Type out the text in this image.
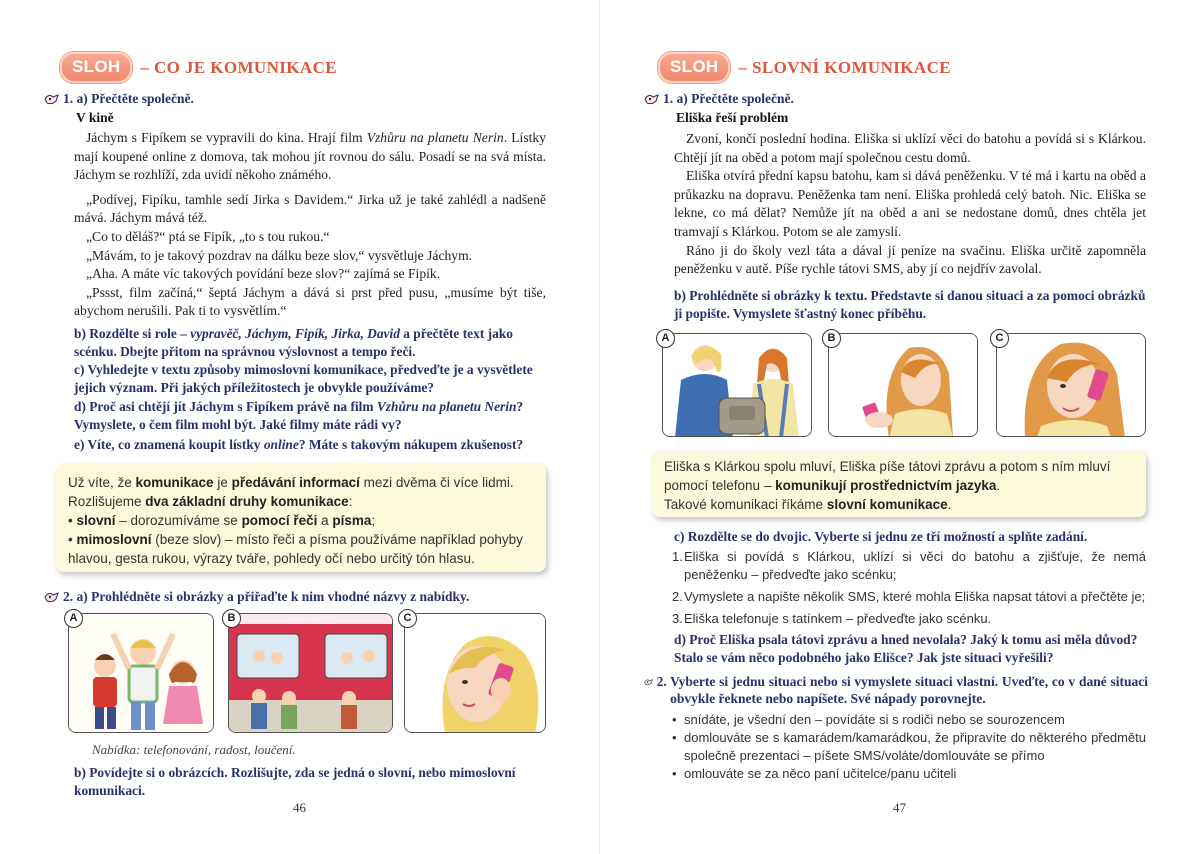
SLOH	– CO JE KOMUNIKACE
1.
a) Přečtěte společně.
V kině

Jáchym s Fipíkem se vypravili do kina. Hrají film Vzhůru na planetu Nerin. Lístky mají koupené online z domova, tak mohou jít rovnou do sálu. Posadí se na svá místa. Jáchym se rozhlíží, zda uvidí někoho známého.

„Podívej, Fipíku, tamhle sedí Jirka s Davidem.“ Jirka už je také zahlédl a nadšeně mává. Jáchym mává též.

„Co to děláš?“ ptá se Fipík, „to s tou rukou.“

„Mávám, to je takový pozdrav na dálku beze slov,“ vysvětluje Jáchym.

„Aha. A máte víc takových povídání beze slov?“ zajímá se Fipík.

„Pssst, film začíná,“ šeptá Jáchym a dává si prst před pusu, „musíme být tiše, abychom nerušili. Pak ti to vysvětlím.“

b) Rozdělte si role – vypravěč, Jáchym, Fipík, Jirka, David a přečtěte text jako scénku. Dbejte přitom na správnou výslovnost a tempo řeči.
c) Vyhledejte v textu způsoby mimoslovní komunikace, předveďte je a vysvětlete jejich význam. Při jakých příležitostech je obvykle používáme?
d) Proč asi chtějí jít Jáchym s Fipíkem právě na film Vzhůru na planetu Nerin? Vymyslete, o čem film mohl být. Jaké filmy máte rádi vy?
e) Víte, co znamená koupit lístky online? Máte s takovým nákupem zkušenost?
Už víte, že komunikace je předávání informací mezi dvěma či více lidmi.
Rozlišujeme dva základní druhy komunikace:
• slovní – dorozumíváme se pomocí řeči a písma;
• mimoslovní (beze slov) – místo řeči a písma používáme například pohyby hlavou, gesta rukou, výrazy tváře, pohledy očí nebo určitý tón hlasu.
2.
a) Prohlédněte si obrázky a přiřaďte k nim vhodné názvy z nabídky.
A	B	C
Nabídka: telefonování, radost, loučení.
b) Povídejte si o obrázcích. Rozlišujte, zda se jedná o slovní, nebo mimoslovní komunikaci.
46
SLOH	– SLOVNÍ KOMUNIKACE
1.
a) Přečtěte společně.
Eliška řeší problém

Zvoní, končí poslední hodina. Eliška si uklízí věci do batohu a povídá si s Klárkou. Chtějí jít na oběd a potom mají společnou cestu domů.

Eliška otvírá přední kapsu batohu, kam si dává peněženku. V té má i kartu na oběd a průkazku na dopravu. Peněženka tam není. Eliška prohledá celý batoh. Nic. Eliška se lekne, co má dělat? Nemůže jít na oběd a ani se nedostane domů, dnes chtěla jet tramvají s Klárkou. Potom se ale zamyslí.

Ráno ji do školy vezl táta a dával jí peníze na svačinu. Eliška určitě zapomněla peněženku v autě. Píše rychle tátovi SMS, aby jí co nejdřív zavolal.

b) Prohlédněte si obrázky k textu. Představte si danou situaci a za pomoci obrázků ji popište. Vymyslete šťastný konec příběhu.
A	B	C
Eliška s Klárkou spolu mluví, Eliška píše tátovi zprávu a potom s ním mluví
pomocí telefonu – komunikují prostřednictvím jazyka.
Takové komunikaci říkáme slovní komunikace.
c) Rozdělte se do dvojic. Vyberte si jednu ze tří možností a splňte zadání.
1. Eliška si povídá s Klárkou, uklízí si věci do batohu a zjišťuje, že nemá peněženku – předveďte jako scénku;
2. Vymyslete a napište několik SMS, které mohla Eliška napsat tátovi a přečtěte je;
3. Eliška telefonuje s tatínkem – předveďte jako scénku.
d) Proč Eliška psala tátovi zprávu a hned nevolala? Jaký k tomu asi měla důvod? Stalo se vám něco podobného jako Elišce? Jak jste situaci vyřešili?
2.
Vyberte si jednu situaci nebo si vymyslete situaci vlastní. Uveďte, co v dané situaci obvykle řeknete nebo napíšete. Své nápady porovnejte.
• snídáte, je všední den – povídáte si s rodiči nebo se sourozencem
• domlouváte se s kamarádem/kamarádkou, že připravíte do některého předmětu společně prezentaci – píšete SMS/voláte/domlouváte se přímo
• omlouváte se za něco paní učitelce/panu učiteli
47
